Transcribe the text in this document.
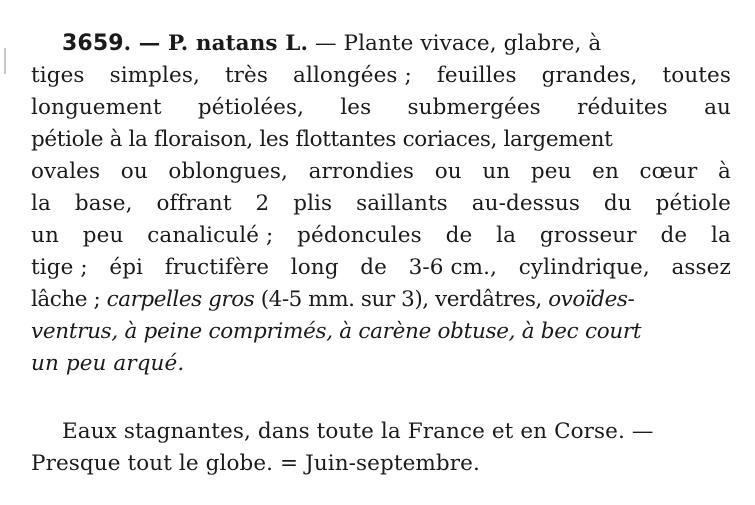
3659. — P. natans L. — Plante vivace, glabre, à
tiges simples, très allongées ; feuilles grandes, toutes
longuement pétiolées, les submergées réduites au
pétiole à la floraison, les flottantes coriaces, largement
ovales ou oblongues, arrondies ou un peu en cœur à
la base, offrant 2 plis saillants au-dessus du pétiole
un peu canaliculé ; pédoncules de la grosseur de la
tige ; épi fructifère long de 3-6 cm., cylindrique, assez
lâche ; carpelles gros (4-5 mm. sur 3), verdâtres, ovoïdes-
ventrus, à peine comprimés, à carène obtuse, à bec court
un peu arqué.
Eaux stagnantes, dans toute la France et en Corse. —
Presque tout le globe. = Juin-septembre.
